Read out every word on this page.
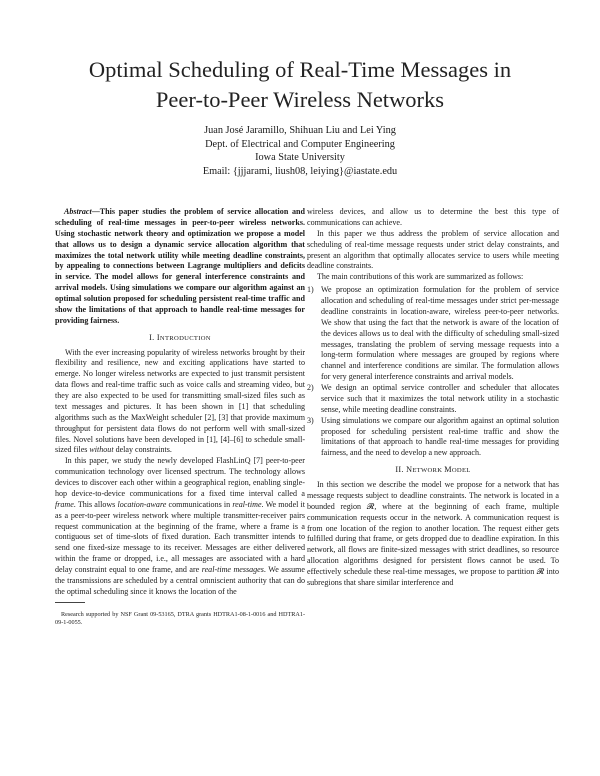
Optimal Scheduling of Real-Time Messages in
Peer-to-Peer Wireless Networks
Juan José Jaramillo, Shihuan Liu and Lei Ying
Dept. of Electrical and Computer Engineering
Iowa State University
Email: {jjjarami, liush08, leiying}@iastate.edu

Abstract—This paper studies the problem of service allocation and scheduling of real-time messages in peer-to-peer wireless networks. Using stochastic network theory and optimization we propose a model that allows us to design a dynamic service allocation algorithm that maximizes the total network utility while meeting deadline constraints, by appealing to connections between Lagrange multipliers and deficits in service. The model allows for general interference constraints and arrival models. Using simulations we compare our algorithm against an optimal solution proposed for scheduling persistent real-time traffic and show the limitations of that approach to handle real-time messages for providing fairness.

I. INTRODUCTION

With the ever increasing popularity of wireless networks brought by their flexibility and resilience, new and exciting applications have started to emerge. No longer wireless networks are expected to just transmit persistent data flows and real-time traffic such as voice calls and streaming video, but they are also expected to be used for transmitting small-sized files such as text messages and pictures. It has been shown in [1] that scheduling algorithms such as the MaxWeight scheduler [2], [3] that provide maximum throughput for persistent data flows do not perform well with small-sized files. Novel solutions have been developed in [1], [4]–[6] to schedule small-sized files without delay constraints.

In this paper, we study the newly developed FlashLinQ [7] peer-to-peer communication technology over licensed spectrum. The technology allows devices to discover each other within a geographical region, enabling single-hop device-to-device communications for a fixed time interval called a frame. This allows location-aware communications in real-time. We model it as a peer-to-peer wireless network where multiple transmitter-receiver pairs request communication at the beginning of the frame, where a frame is a contiguous set of time-slots of fixed duration. Each transmitter intends to send one fixed-size message to its receiver. Messages are either delivered within the frame or dropped, i.e., all messages are associated with a hard delay constraint equal to one frame, and are real-time messages. We assume the transmissions are scheduled by a central omniscient authority that can do the optimal scheduling since it knows the location of the

Research supported by NSF Grant 09-53165, DTRA grants HDTRA1-08-1-0016 and HDTRA1-09-1-0055.

wireless devices, and allow us to determine the best this type of communications can achieve.

In this paper we thus address the problem of service allocation and scheduling of real-time message requests under strict delay constraints, and present an algorithm that optimally allocates service to users while meeting deadline constraints.

The main contributions of this work are summarized as follows:

1) We propose an optimization formulation for the problem of service allocation and scheduling of real-time messages under strict per-message deadline constraints in location-aware, wireless peer-to-peer networks. We show that using the fact that the network is aware of the location of the devices allows us to deal with the difficulty of scheduling small-sized messages, translating the problem of serving message requests into a long-term formulation where messages are grouped by regions where channel and interference conditions are similar. The formulation allows for very general interference constraints and arrival models.
2) We design an optimal service controller and scheduler that allocates service such that it maximizes the total network utility in a stochastic sense, while meeting deadline constraints.
3) Using simulations we compare our algorithm against an optimal solution proposed for scheduling persistent real-time traffic and show the limitations of that approach to handle real-time messages for providing fairness, and the need to develop a new approach.
II. NETWORK MODEL

In this section we describe the model we propose for a network that has message requests subject to deadline constraints. The network is located in a bounded region 𝓡, where at the beginning of each frame, multiple communication requests occur in the network. A communication request is from one location of the region to another location. The request either gets fulfilled during that frame, or gets dropped due to deadline expiration. In this network, all flows are finite-sized messages with strict deadlines, so resource allocation algorithms designed for persistent flows cannot be used. To effectively schedule these real-time messages, we propose to partition 𝓡 into subregions that share similar interference and
